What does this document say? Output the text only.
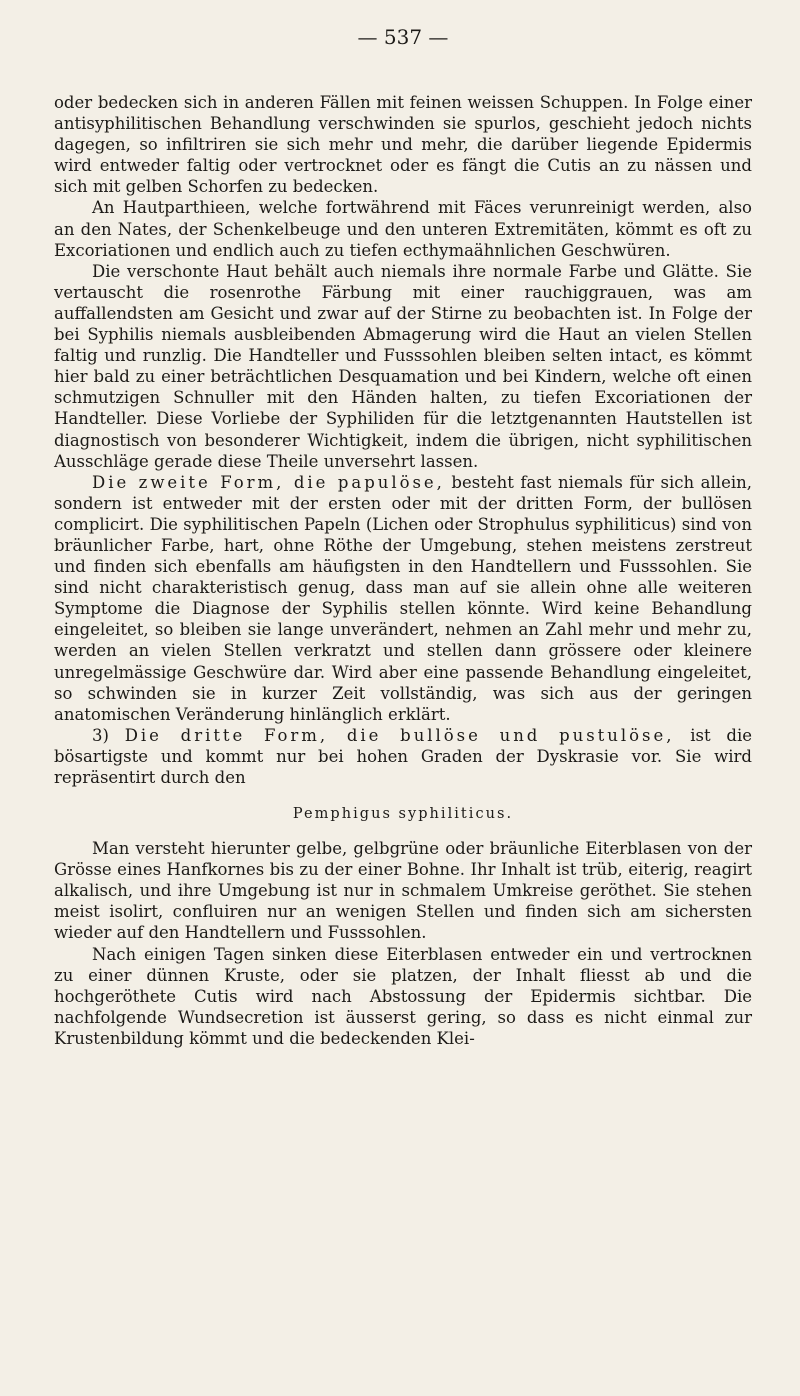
— 537 —

oder bedecken sich in anderen Fällen mit feinen weissen Schuppen. In Folge einer antisyphilitischen Behandlung verschwinden sie spurlos, geschieht jedoch nichts dagegen, so infiltriren sie sich mehr und mehr, die darüber liegende Epidermis wird entweder faltig oder vertrocknet oder es fängt die Cutis an zu nässen und sich mit gelben Schorfen zu bedecken.

An Hautparthieen, welche fortwährend mit Fäces verunreinigt werden, also an den Nates, der Schenkelbeuge und den unteren Extremitäten, kömmt es oft zu Excoriationen und endlich auch zu tiefen ecthymaähnlichen Geschwüren.

Die verschonte Haut behält auch niemals ihre normale Farbe und Glätte. Sie vertauscht die rosenrothe Färbung mit einer rauchiggrauen, was am auffallendsten am Gesicht und zwar auf der Stirne zu beobachten ist. In Folge der bei Syphilis niemals ausbleibenden Abmagerung wird die Haut an vielen Stellen faltig und runzlig. Die Handteller und Fusssohlen bleiben selten intact, es kömmt hier bald zu einer beträchtlichen Desquamation und bei Kindern, welche oft einen schmutzigen Schnuller mit den Händen halten, zu tiefen Excoriationen der Handteller. Diese Vorliebe der Syphiliden für die letztgenannten Hautstellen ist diagnostisch von besonderer Wichtigkeit, indem die übrigen, nicht syphilitischen Ausschläge gerade diese Theile unversehrt lassen.

Die zweite Form, die papulöse, besteht fast niemals für sich allein, sondern ist entweder mit der ersten oder mit der dritten Form, der bullösen complicirt. Die syphilitischen Papeln (Lichen oder Strophulus syphiliticus) sind von bräunlicher Farbe, hart, ohne Röthe der Umgebung, stehen meistens zerstreut und finden sich ebenfalls am häufigsten in den Handtellern und Fusssohlen. Sie sind nicht charakteristisch genug, dass man auf sie allein ohne alle weiteren Symptome die Diagnose der Syphilis stellen könnte. Wird keine Behandlung eingeleitet, so bleiben sie lange unverändert, nehmen an Zahl mehr und mehr zu, werden an vielen Stellen verkratzt und stellen dann grössere oder kleinere unregelmässige Geschwüre dar. Wird aber eine passende Behandlung eingeleitet, so schwinden sie in kurzer Zeit vollständig, was sich aus der geringen anatomischen Veränderung hinlänglich erklärt.

3) Die dritte Form, die bullöse und pustulöse, ist die bösartigste und kommt nur bei hohen Graden der Dyskrasie vor. Sie wird repräsentirt durch den

Pemphigus syphiliticus.

Man versteht hierunter gelbe, gelbgrüne oder bräunliche Eiterblasen von der Grösse eines Hanfkornes bis zu der einer Bohne. Ihr Inhalt ist trüb, eiterig, reagirt alkalisch, und ihre Umgebung ist nur in schmalem Umkreise geröthet. Sie stehen meist isolirt, confluiren nur an wenigen Stellen und finden sich am sichersten wieder auf den Handtellern und Fusssohlen.

Nach einigen Tagen sinken diese Eiterblasen entweder ein und vertrocknen zu einer dünnen Kruste, oder sie platzen, der Inhalt fliesst ab und die hochgeröthete Cutis wird nach Abstossung der Epidermis sichtbar. Die nachfolgende Wundsecretion ist äusserst gering, so dass es nicht einmal zur Krustenbildung kömmt und die bedeckenden Klei-
